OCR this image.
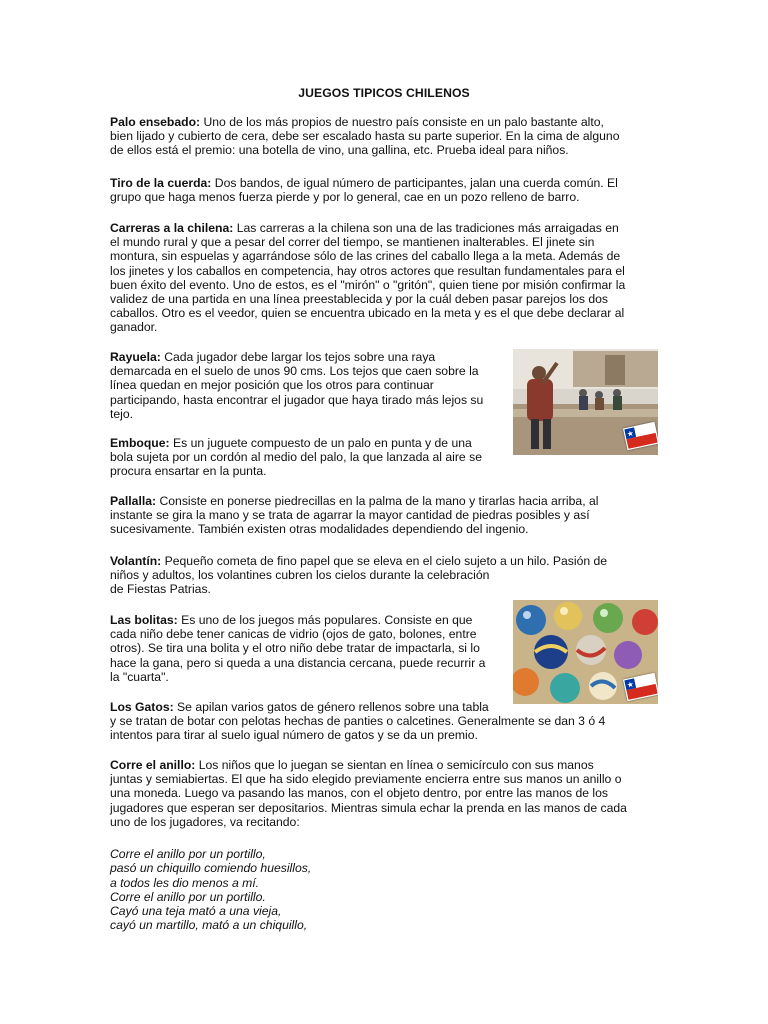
JUEGOS TIPICOS CHILENOS
Palo ensebado: Uno de los más propios de nuestro país consiste en un palo bastante alto,
bien lijado y cubierto de cera, debe ser escalado hasta su parte superior. En la cima de alguno
de ellos está el premio: una botella de vino, una gallina, etc. Prueba ideal para niños.
Tiro de la cuerda: Dos bandos, de igual número de participantes, jalan una cuerda común. El
grupo que haga menos fuerza pierde y por lo general, cae en un pozo relleno de barro.
Carreras a la chilena: Las carreras a la chilena son una de las tradiciones más arraigadas en
el mundo rural y que a pesar del correr del tiempo, se mantienen inalterables. El jinete sin
montura, sin espuelas y agarrándose sólo de las crines del caballo llega a la meta. Además de
los jinetes y los caballos en competencia, hay otros actores que resultan fundamentales para el
buen éxito del evento. Uno de estos, es el "mirón" o "gritón", quien tiene por misión confirmar la
validez de una partida en una línea preestablecida y por la cuál deben pasar parejos los dos
caballos. Otro es el veedor, quien se encuentra ubicado en la meta y es el que debe declarar al
ganador.
Rayuela: Cada jugador debe largar los tejos sobre una raya
demarcada en el suelo de unos 90 cms. Los tejos que caen sobre la
línea quedan en mejor posición que los otros para continuar
participando, hasta encontrar el jugador que haya tirado más lejos su
tejo.
Emboque: Es un juguete compuesto de un palo en punta y de una
bola sujeta por un cordón al medio del palo, la que lanzada al aire se
procura ensartar en la punta.
Pallalla: Consiste en ponerse piedrecillas en la palma de la mano y tirarlas hacia arriba, al
instante se gira la mano y se trata de agarrar la mayor cantidad de piedras posibles y así
sucesivamente. También existen otras modalidades dependiendo del ingenio.
Volantín: Pequeño cometa de fino papel que se eleva en el cielo sujeto a un hilo. Pasión de
niños y adultos, los volantines cubren los cielos durante la celebración
de Fiestas Patrias.
Las bolitas: Es uno de los juegos más populares. Consiste en que
cada niño debe tener canicas de vidrio (ojos de gato, bolones, entre
otros). Se tira una bolita y el otro niño debe tratar de impactarla, si lo
hace la gana, pero si queda a una distancia cercana, puede recurrir a
la "cuarta".
Los Gatos: Se apilan varios gatos de género rellenos sobre una tabla
y se tratan de botar con pelotas hechas de panties o calcetines. Generalmente se dan 3 ó 4
intentos para tirar al suelo igual número de gatos y se da un premio.
Corre el anillo: Los niños que lo juegan se sientan en línea o semicírculo con sus manos
juntas y semiabiertas. El que ha sido elegido previamente encierra entre sus manos un anillo o
una moneda. Luego va pasando las manos, con el objeto dentro, por entre las manos de los
jugadores que esperan ser depositarios. Mientras simula echar la prenda en las manos de cada
uno de los jugadores, va recitando:
Corre el anillo por un portillo,
pasó un chiquillo comiendo huesillos,
a todos les dio menos a mí.
Corre el anillo por un portillo.
Cayó una teja mató a una vieja,
cayó un martillo, mató a un chiquillo,
